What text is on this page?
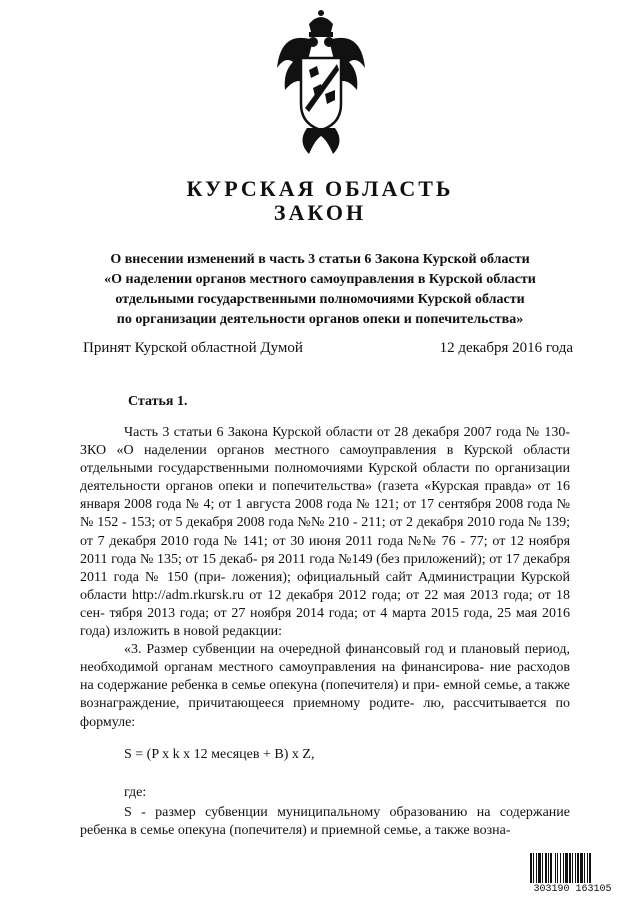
КУРСКАЯ ОБЛАСТЬ
ЗАКОН
О внесении изменений в часть 3 статьи 6 Закона Курской области
«О наделении органов местного самоуправления в Курской области
отдельными государственными полномочиями Курской области
по организации деятельности органов опеки и попечительства»
Принят Курской областной Думой	12 декабря 2016 года
Статья 1.

Часть 3 статьи 6 Закона Курской области от 28 декабря 2007 года № 130-ЗКО «О наделении органов местного самоуправления в Курской области отдельными государственными полномочиями Курской области по организации деятельности органов опеки и попечительства» (газета «Курская правда» от 16 января 2008 года № 4; от 1 августа 2008 года № 121; от 17 сентября 2008 года №№ 152 - 153; от 5 декабря 2008 года №№ 210 - 211; от 2 декабря 2010 года № 139; от 7 декабря 2010 года № 141; от 30 июня 2011 года №№ 76 - 77; от 12 ноября 2011 года № 135; от 15 декаб- ря 2011 года №149 (без приложений); от 17 декабря 2011 года № 150 (при- ложения); официальный сайт Администрации Курской области http://adm.rkursk.ru от 12 декабря 2012 года; от 22 мая 2013 года; от 18 сен- тября 2013 года; от 27 ноября 2014 года; от 4 марта 2015 года, 25 мая 2016 года) изложить в новой редакции:

«3. Размер субвенции на очередной финансовый год и плановый период, необходимой органам местного самоуправления на финансирова- ние расходов на содержание ребенка в семье опекуна (попечителя) и при- емной семье, а также вознаграждение, причитающееся приемному родите- лю, рассчитывается по формуле:

S = (P x k x 12 месяцев + B) x Z,

где:

S - размер субвенции муниципальному образованию на содержание ребенка в семье опекуна (попечителя) и приемной семье, а также возна-

303190 163105
